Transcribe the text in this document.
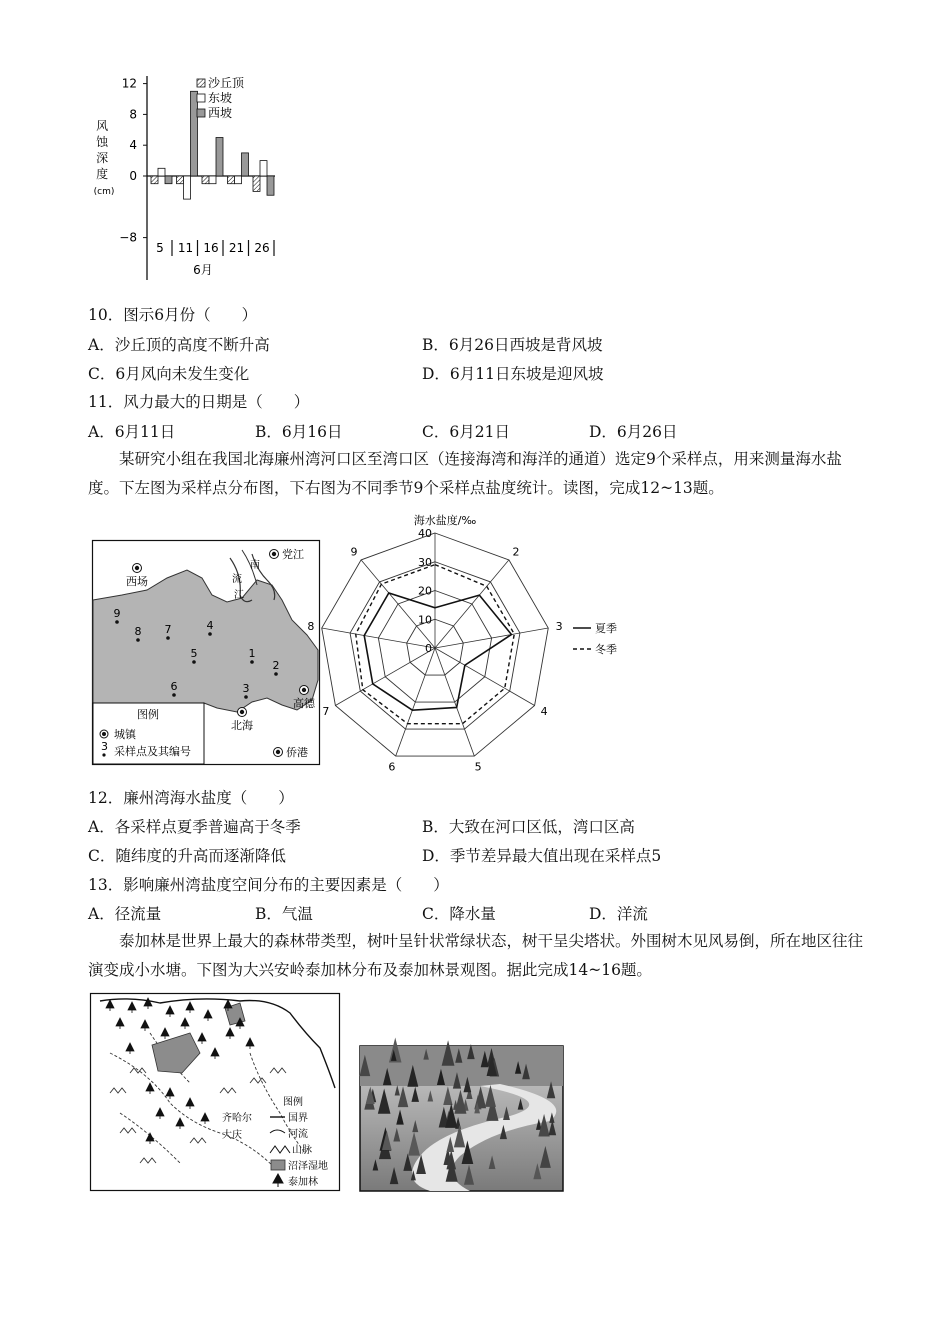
风 蚀 深 度 (cm)
12
8
4
0
−8
5 11 16 21 26
6月
沙丘顶
东坡
西坡
10．图示6月份（　　）
A．沙丘顶的高度不断升高	B．6月26日西坡是背风坡
C．6月风向未发生变化	D．6月11日东坡是迎风坡
11．风力最大的日期是（　　）
A．6月11日	B．6月16日	C．6月21日	D．6月26日
某研究小组在我国北海廉州湾河口区至湾口区（连接海湾和海洋的通道）选定9个采样点，用来测量海水盐度。下左图为采样点分布图，下右图为不同季节9个采样点盐度统计。读图，完成12~13题。
党江
西场
高德
北海
侨港
南
流
江
1
2
3
4
5
6
7
8
9
图例
城镇
3 采样点及其编号
海水盐度/‰
0
10
20
30
40
2
3
4
5
6
7
8
9
夏季
冬季
12．廉州湾海水盐度（　　）
A．各采样点夏季普遍高于冬季	B．大致在河口区低，湾口区高
C．随纬度的升高而逐渐降低	D．季节差异最大值出现在采样点5
13．影响廉州湾盐度空间分布的主要因素是（　　）
A．径流量	B．气温	C．降水量	D．洋流
泰加林是世界上最大的森林带类型，树叶呈针状常绿状态，树干呈尖塔状。外围树木见风易倒，所在地区往往演变成小水塘。下图为大兴安岭泰加林分布及泰加林景观图。据此完成14~16题。
齐哈尔
大庆
图例
国界
河流
山脉
沼泽湿地
泰加林
